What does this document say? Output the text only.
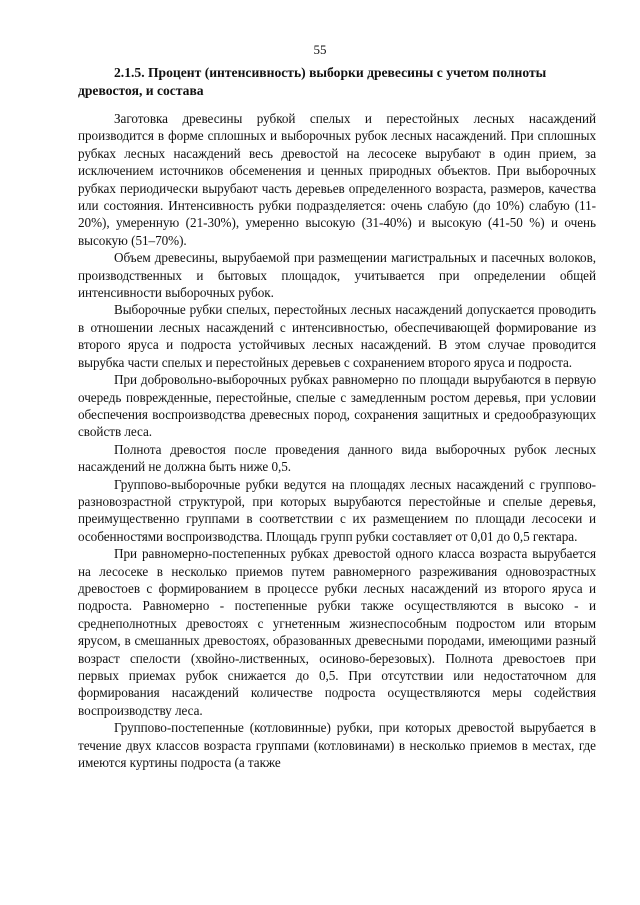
55

2.1.5. Процент (интенсивность) выборки древесины с учетом полноты древостоя, и состава

Заготовка древесины рубкой спелых и перестойных лесных насаждений производится в форме сплошных и выборочных рубок лесных насаждений. При сплошных рубках лесных насаждений весь древостой на лесосеке вырубают в один прием, за исключением источников обсеменения и ценных природных объектов. При выборочных рубках периодически вырубают часть деревьев определенного возраста, размеров, качества или состояния. Интенсивность рубки подразделяется: очень слабую (до 10%) слабую (11-20%), умеренную (21-30%), умеренно высокую (31-40%) и высокую (41-50 %) и очень высокую (51–70%).

Объем древесины, вырубаемой при размещении магистральных и пасечных волоков, производственных и бытовых площадок, учитывается при определении общей интенсивности выборочных рубок.

Выборочные рубки спелых, перестойных лесных насаждений допускается проводить в отношении лесных насаждений с интенсивностью, обеспечивающей формирование из второго яруса и подроста устойчивых лесных насаждений. В этом случае проводится вырубка части спелых и перестойных деревьев с сохранением второго яруса и подроста.

При добровольно-выборочных рубках равномерно по площади вырубаются в первую очередь поврежденные, перестойные, спелые с замедленным ростом деревья, при условии обеспечения воспроизводства древесных пород, сохранения защитных и средообразующих свойств леса.

Полнота древостоя после проведения данного вида выборочных рубок лесных насаждений не должна быть ниже 0,5.

Группово-выборочные рубки ведутся на площадях лесных насаждений с группово-разновозрастной структурой, при которых вырубаются перестойные и спелые деревья, преимущественно группами в соответствии с их размещением по площади лесосеки и особенностями воспроизводства. Площадь групп рубки составляет от 0,01 до 0,5 гектара.

При равномерно-постепенных рубках древостой одного класса возраста вырубается на лесосеке в несколько приемов путем равномерного разреживания одновозрастных древостоев с формированием в процессе рубки лесных насаждений из второго яруса и подроста. Равномерно - постепенные рубки также осуществляются в высоко - и среднеполнотных древостоях с угнетенным жизнеспособным подростом или вторым ярусом, в смешанных древостоях, образованных древесными породами, имеющими разный возраст спелости (хвойно-лиственных, осиново-березовых). Полнота древостоев при первых приемах рубок снижается до 0,5. При отсутствии или недостаточном для формирования насаждений количестве подроста осуществляются меры содействия воспроизводству леса.

Группово-постепенные (котловинные) рубки, при которых древостой вырубается в течение двух классов возраста группами (котловинами) в несколько приемов в местах, где имеются куртины подроста (а также
